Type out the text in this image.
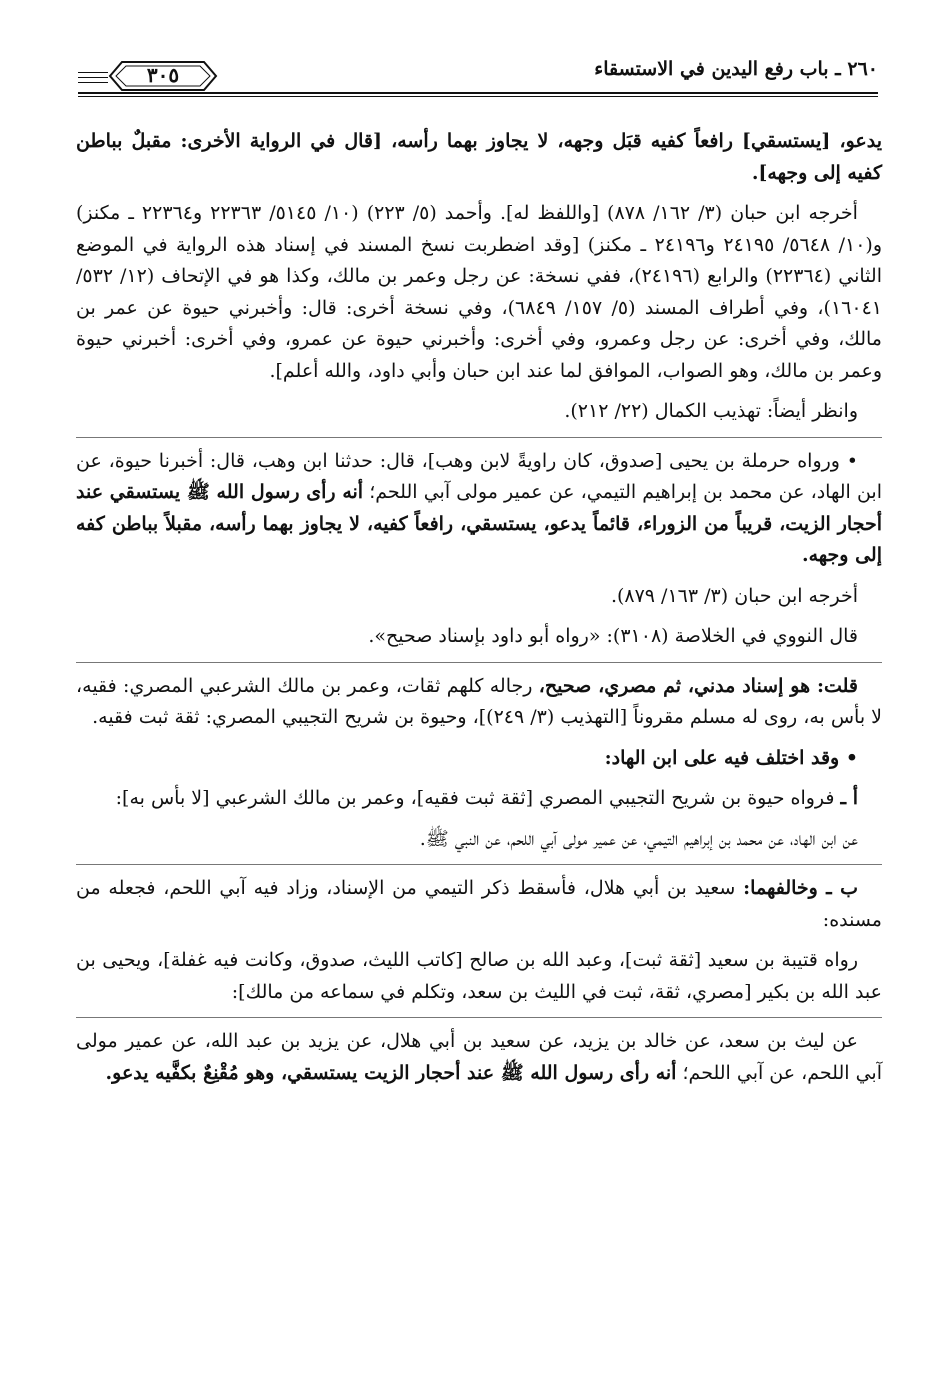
٣٠٥	٢٦٠ ـ باب رفع اليدين في الاستسقاء

يدعو، [يستسقي] رافعاً كفيه قبَل وجهه، لا يجاوز بهما رأسه، [قال في الرواية الأخرى: مقبلٌ بباطن كفيه إلى وجهه].

أخرجه ابن حبان (٣/ ١٦٢/ ٨٧٨) [واللفظ له]. وأحمد (٥/ ٢٢٣) (١٠/ ٥١٤٥/ ٢٢٣٦٣ و٢٢٣٦٤ ـ مكنز) و(١٠/ ٥٦٤٨/ ٢٤١٩٥ و٢٤١٩٦ ـ مكنز) [وقد اضطربت نسخ المسند في إسناد هذه الرواية في الموضع الثاني (٢٢٣٦٤) والرابع (٢٤١٩٦)، ففي نسخة: عن رجل وعمر بن مالك، وكذا هو في الإتحاف (١٢/ ٥٣٢/ ١٦٠٤١)، وفي أطراف المسند (٥/ ١٥٧/ ٦٨٤٩)، وفي نسخة أخرى: قال: وأخبرني حيوة عن عمر بن مالك، وفي أخرى: عن رجل وعمرو، وفي أخرى: وأخبرني حيوة عن عمرو، وفي أخرى: أخبرني حيوة وعمر بن مالك، وهو الصواب، الموافق لما عند ابن حبان وأبي داود، والله أعلم].

وانظر أيضاً: تهذيب الكمال (٢٢/ ٢١٢).

• ورواه حرملة بن يحيى [صدوق، كان راويةً لابن وهب]، قال: حدثنا ابن وهب، قال: أخبرنا حيوة، عن ابن الهاد، عن محمد بن إبراهيم التيمي، عن عمير مولى آبي اللحم؛ أنه رأى رسول الله ﷺ يستسقي عند أحجار الزيت، قريباً من الزوراء، قائماً يدعو، يستسقي، رافعاً كفيه، لا يجاوز بهما رأسه، مقبلاً بباطن كفه إلى وجهه.

أخرجه ابن حبان (٣/ ١٦٣/ ٨٧٩).

قال النووي في الخلاصة (٣١٠٨): «رواه أبو داود بإسناد صحيح».

قلت: هو إسناد مدني، ثم مصري، صحيح، رجاله كلهم ثقات، وعمر بن مالك الشرعبي المصري: فقيه، لا بأس به، روى له مسلم مقروناً [التهذيب (٣/ ٢٤٩)]، وحيوة بن شريح التجيبي المصري: ثقة ثبت فقيه.

• وقد اختلف فيه على ابن الهاد:

أ ـ فرواه حيوة بن شريح التجيبي المصري [ثقة ثبت فقيه]، وعمر بن مالك الشرعبي [لا بأس به]:

عن ابن الهاد، عن محمد بن إبراهيم التيمي، عن عمير مولى آبي اللحم، عن النبي ﷺ.

ب ـ وخالفهما: سعيد بن أبي هلال، فأسقط ذكر التيمي من الإسناد، وزاد فيه آبي اللحم، فجعله من مسنده:

رواه قتيبة بن سعيد [ثقة ثبت]، وعبد الله بن صالح [كاتب الليث، صدوق، وكانت فيه غفلة]، ويحيى بن عبد الله بن بكير [مصري، ثقة، ثبت في الليث بن سعد، وتكلم في سماعه من مالك]:

عن ليث بن سعد، عن خالد بن يزيد، عن سعيد بن أبي هلال، عن يزيد بن عبد الله، عن عمير مولى آبي اللحم، عن آبي اللحم؛ أنه رأى رسول الله ﷺ عند أحجار الزيت يستسقي، وهو مُقْنِعٌ بكفَّيه يدعو.
